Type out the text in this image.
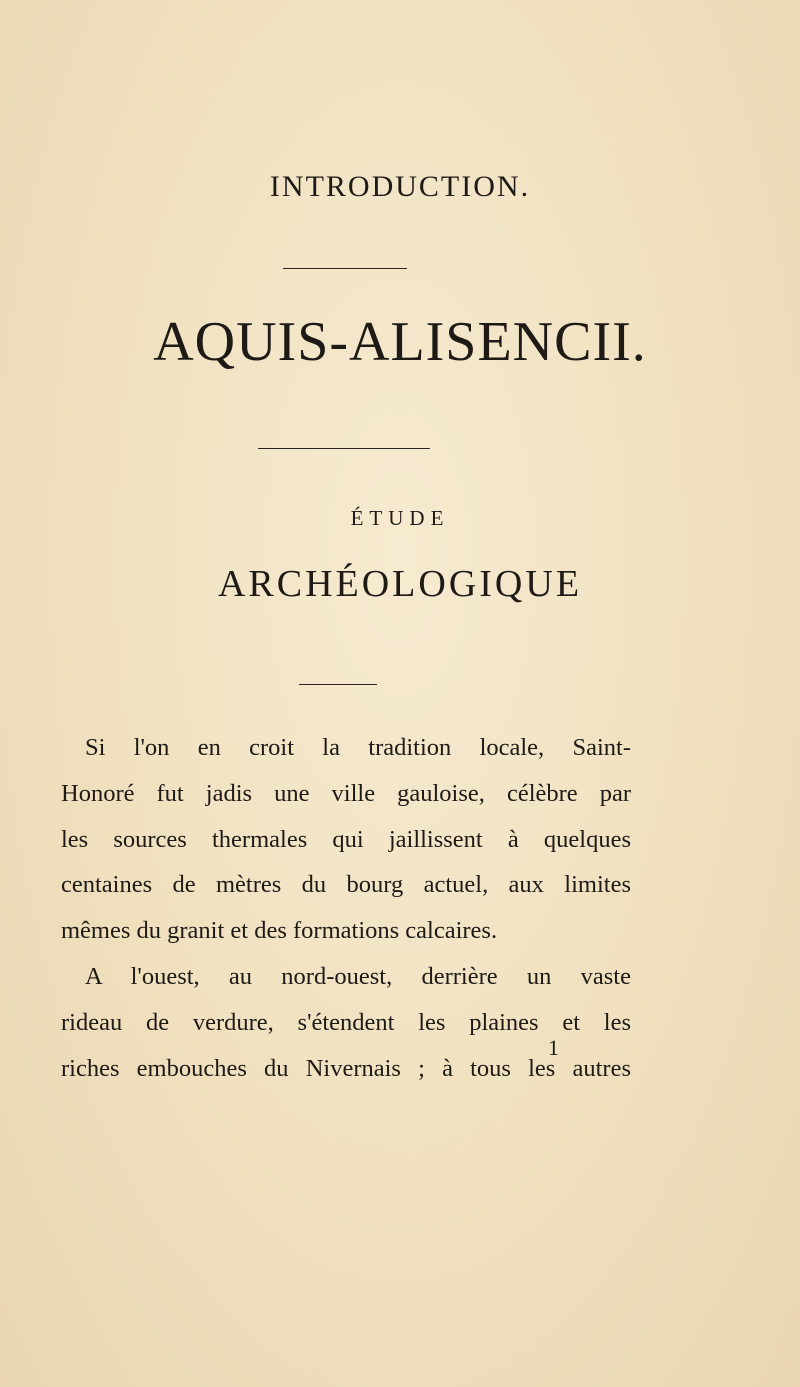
INTRODUCTION.
AQUIS-ALISENCII.
ÉTUDE
ARCHÉOLOGIQUE
Si l'on en croit la tradition locale, Saint-
Honoré fut jadis une ville gauloise, célèbre par
les sources thermales qui jaillissent à quelques
centaines de mètres du bourg actuel, aux limites
mêmes du granit et des formations calcaires.
A l'ouest, au nord-ouest, derrière un vaste
rideau de verdure, s'étendent les plaines et les
riches embouches du Nivernais ; à tous les autres
1
